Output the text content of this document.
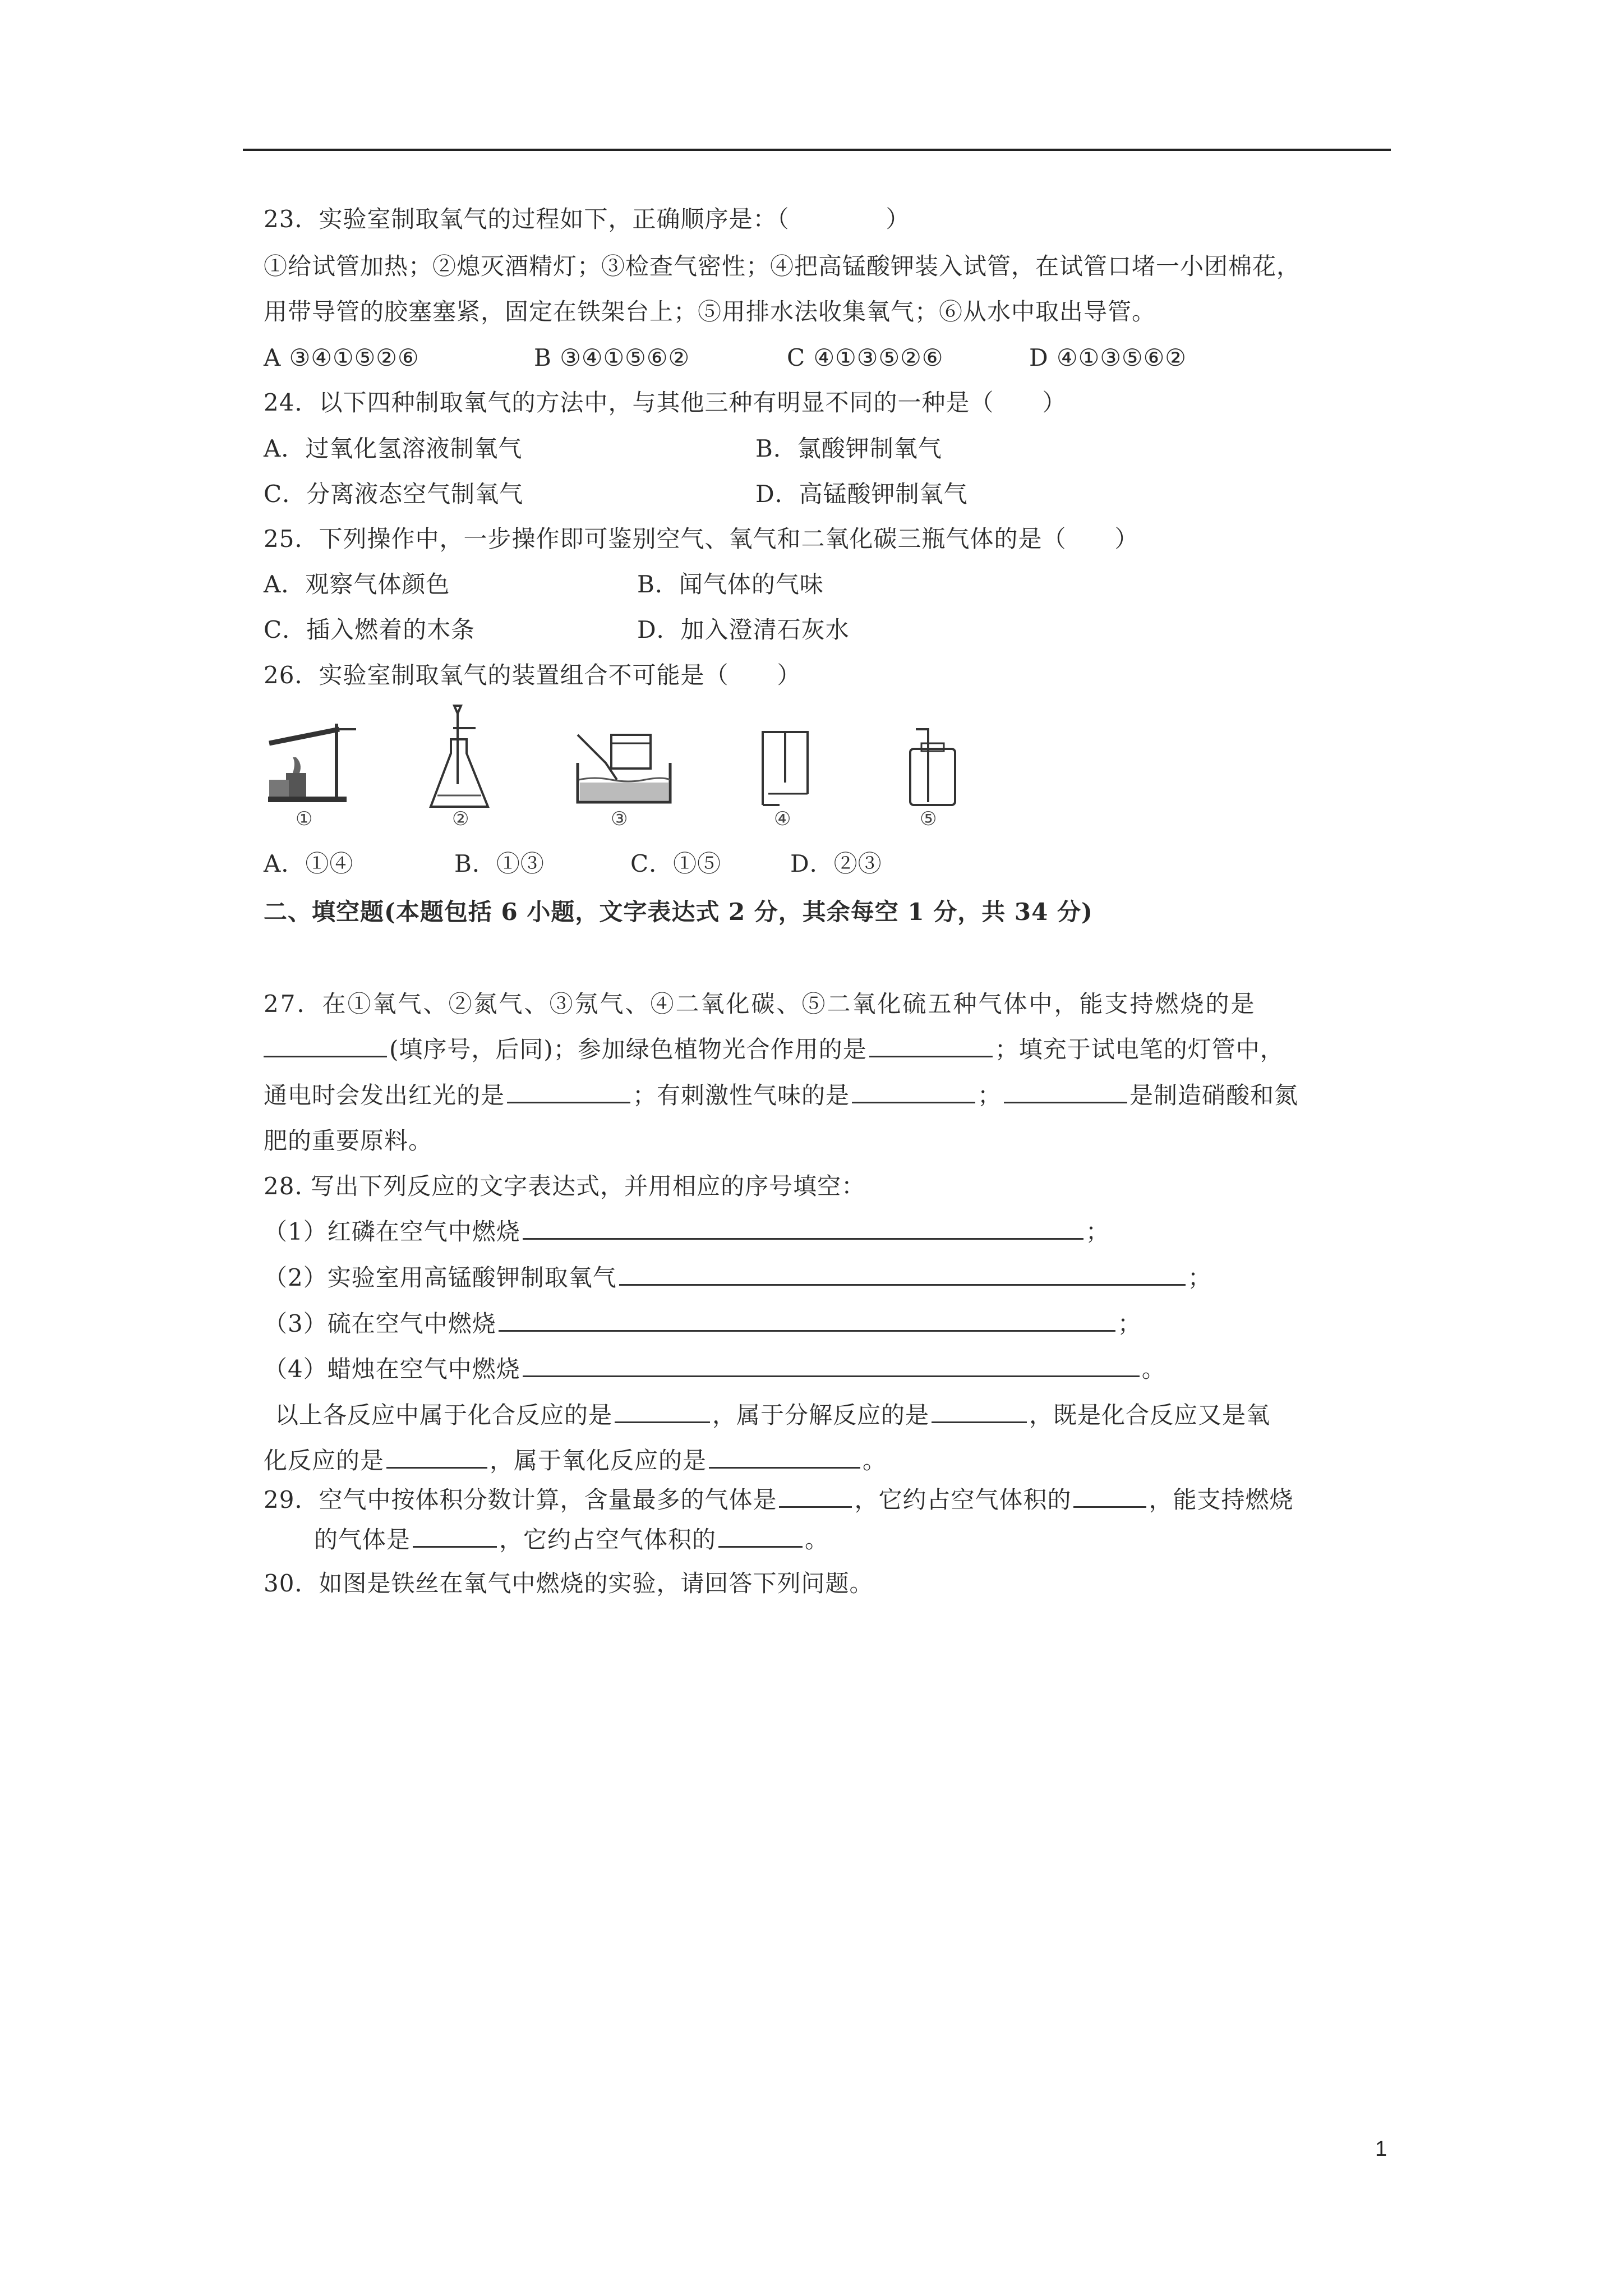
23．实验室制取氧气的过程如下，正确顺序是：（　　　　）
①给试管加热；②熄灭酒精灯；③检查气密性；④把高锰酸钾装入试管，在试管口堵一小团棉花，
用带导管的胶塞塞紧，固定在铁架台上；⑤用排水法收集氧气；⑥从水中取出导管。
A ③④①⑤②⑥	B ③④①⑤⑥②	C ④①③⑤②⑥	D ④①③⑤⑥②
24．以下四种制取氧气的方法中，与其他三种有明显不同的一种是（　　）
A．过氧化氢溶液制氧气	B．氯酸钾制氧气
C．分离液态空气制氧气	D．高锰酸钾制氧气
25．下列操作中，一步操作即可鉴别空气、氧气和二氧化碳三瓶气体的是（　　）
A．观察气体颜色	B．闻气体的气味
C．插入燃着的木条	D．加入澄清石灰水
26．实验室制取氧气的装置组合不可能是（　　）
①	②	③	④	⑤
A．①④	B．①③	C．①⑤	D．②③
二、填空题(本题包括 6 小题，文字表达式 2 分，其余每空 1 分，共 34 分)
27．在①氧气、②氮气、③氖气、④二氧化碳、⑤二氧化硫五种气体中，能支持燃烧的是
(填序号，后同)；参加绿色植物光合作用的是	；填充于试电笔的灯管中，
通电时会发出红光的是	；有刺激性气味的是	；	是制造硝酸和氮
肥的重要原料。
28. 写出下列反应的文字表达式，并用相应的序号填空：
（1）红磷在空气中燃烧	；
（2）实验室用高锰酸钾制取氧气	；
（3）硫在空气中燃烧	；
（4）蜡烛在空气中燃烧	。
以上各反应中属于化合反应的是	，属于分解反应的是	，既是化合反应又是氧
化反应的是	，属于氧化反应的是	。
29．空气中按体积分数计算，含量最多的气体是	，它约占空气体积的	，能支持燃烧
的气体是	，它约占空气体积的	。
30．如图是铁丝在氧气中燃烧的实验，请回答下列问题。
1
